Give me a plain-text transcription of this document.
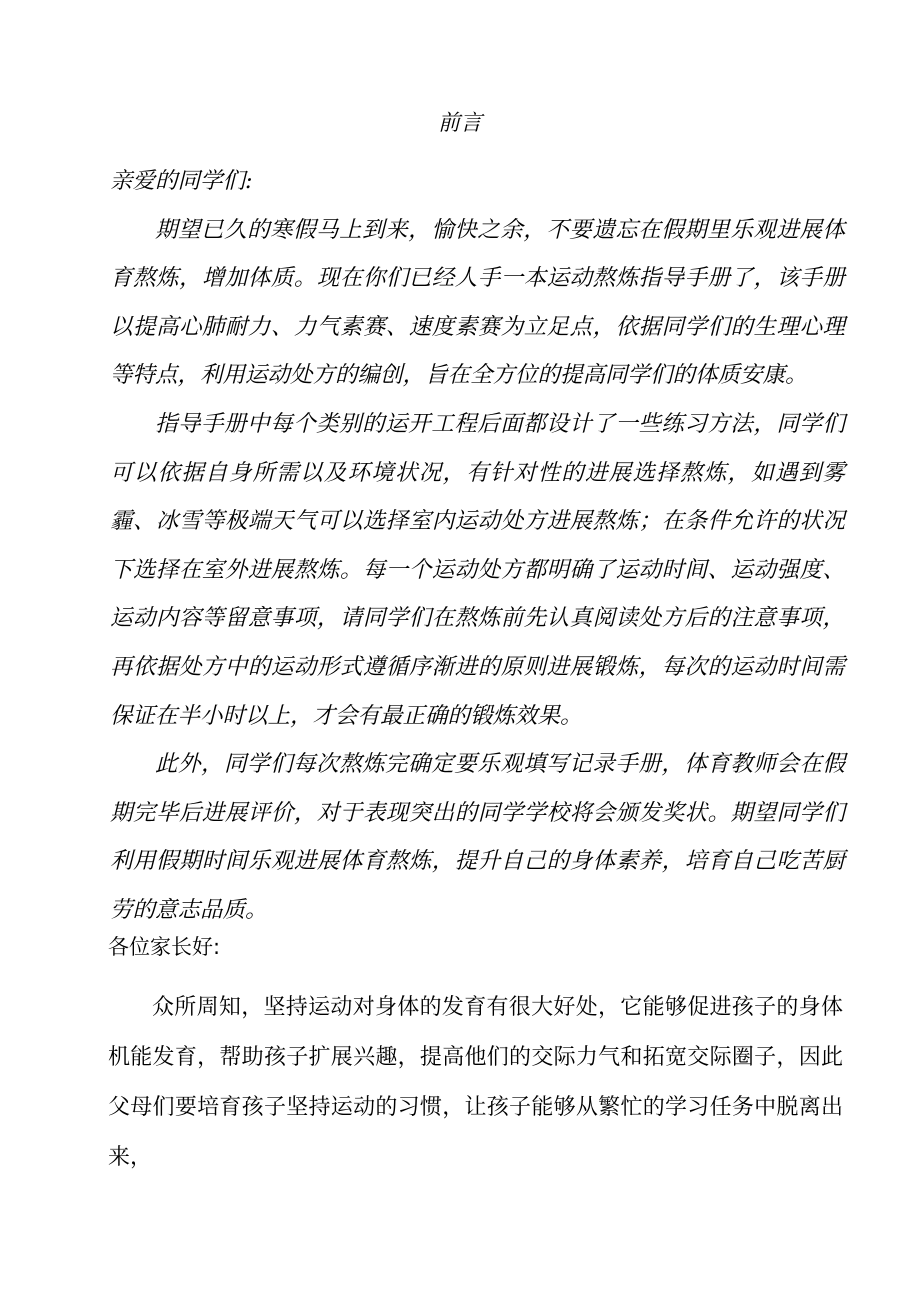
前言

亲爱的同学们:

期望已久的寒假马上到来，愉快之余，不要遗忘在假期里乐观进展体育熬炼，增加体质。现在你们已经人手一本运动熬炼指导手册了，该手册以提高心肺耐力、力气素赛、速度素赛为立足点，依据同学们的生理心理等特点，利用运动处方的编创，旨在全方位的提高同学们的体质安康。

指导手册中每个类别的运开工程后面都设计了一些练习方法，同学们可以依据自身所需以及环境状况，有针对性的进展选择熬炼，如遇到雾霾、冰雪等极端天气可以选择室内运动处方进展熬炼；在条件允许的状况下选择在室外进展熬炼。每一个运动处方都明确了运动时间、运动强度、运动内容等留意事项，请同学们在熬炼前先认真阅读处方后的注意事项，再依据处方中的运动形式遵循序渐进的原则进展锻炼，每次的运动时间需保证在半小时以上，才会有最正确的锻炼效果。

此外，同学们每次熬炼完确定要乐观填写记录手册，体育教师会在假期完毕后进展评价，对于表现突出的同学学校将会颁发奖状。期望同学们利用假期时间乐观进展体育熬炼，提升自己的身体素养，培育自己吃苦厨劳的意志品质。

各位家长好:

众所周知，坚持运动对身体的发育有很大好处，它能够促进孩子的身体机能发育，帮助孩子扩展兴趣，提高他们的交际力气和拓宽交际圈子，因此父母们要培育孩子坚持运动的习惯，让孩子能够从繁忙的学习任务中脱离出来，
